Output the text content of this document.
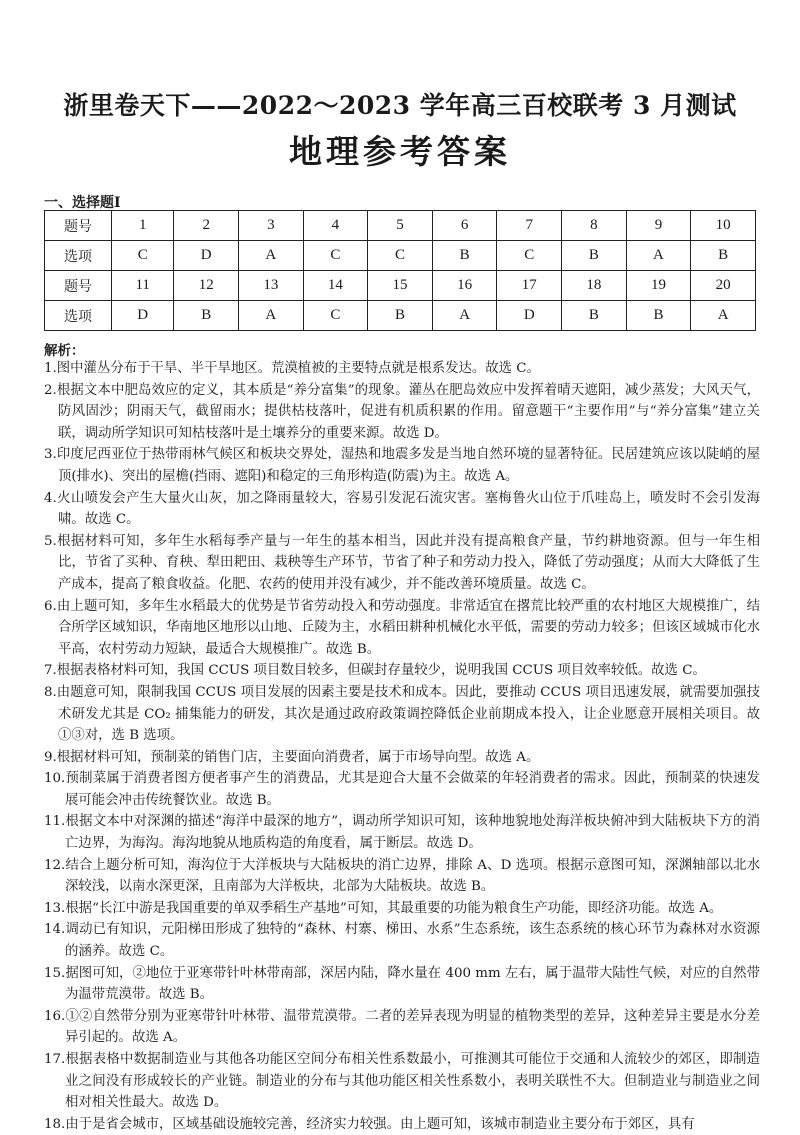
浙里卷天下——2022～2023 学年高三百校联考 3 月测试
地理参考答案
一、选择题Ⅰ
题号	1	2	3	4	5	6	7	8	9	10
选项	C	D	A	C	C	B	C	B	A	B
题号	11	12	13	14	15	16	17	18	19	20
选项	D	B	A	C	B	A	D	B	B	A
解析：
1.图中灌丛分布于干旱、半干旱地区。荒漠植被的主要特点就是根系发达。故选 C。
2.根据文本中肥岛效应的定义，其本质是“养分富集”的现象。灌丛在肥岛效应中发挥着晴天遮阳，减少蒸发；大风天气，防风固沙；阴雨天气，截留雨水；提供枯枝落叶，促进有机质积累的作用。留意题干“主要作用”与“养分富集”建立关联，调动所学知识可知枯枝落叶是土壤养分的重要来源。故选 D。
3.印度尼西亚位于热带雨林气候区和板块交界处，湿热和地震多发是当地自然环境的显著特征。民居建筑应该以陡峭的屋顶(排水)、突出的屋檐(挡雨、遮阳)和稳定的三角形构造(防震)为主。故选 A。
4.火山喷发会产生大量火山灰，加之降雨量较大，容易引发泥石流灾害。塞梅鲁火山位于爪哇岛上，喷发时不会引发海啸。故选 C。
5.根据材料可知，多年生水稻每季产量与一年生的基本相当，因此并没有提高粮食产量，节约耕地资源。但与一年生相比，节省了买种、育秧、犁田耙田、栽秧等生产环节，节省了种子和劳动力投入，降低了劳动强度；从而大大降低了生产成本，提高了粮食收益。化肥、农药的使用并没有减少，并不能改善环境质量。故选 C。
6.由上题可知，多年生水稻最大的优势是节省劳动投入和劳动强度。非常适宜在撂荒比较严重的农村地区大规模推广，结合所学区域知识，华南地区地形以山地、丘陵为主，水稻田耕种机械化水平低，需要的劳动力较多；但该区域城市化水平高，农村劳动力短缺，最适合大规模推广。故选 B。
7.根据表格材料可知，我国 CCUS 项目数目较多，但碳封存量较少，说明我国 CCUS 项目效率较低。故选 C。
8.由题意可知，限制我国 CCUS 项目发展的因素主要是技术和成本。因此，要推动 CCUS 项目迅速发展，就需要加强技术研发尤其是 CO₂ 捕集能力的研发，其次是通过政府政策调控降低企业前期成本投入，让企业愿意开展相关项目。故①③对，选 B 选项。
9.根据材料可知，预制菜的销售门店，主要面向消费者，属于市场导向型。故选 A。
10.预制菜属于消费者图方便者事产生的消费品，尤其是迎合大量不会做菜的年轻消费者的需求。因此，预制菜的快速发展可能会冲击传统餐饮业。故选 B。
11.根据文本中对深渊的描述“海洋中最深的地方”，调动所学知识可知，该种地貌地处海洋板块俯冲到大陆板块下方的消亡边界，为海沟。海沟地貌从地质构造的角度看，属于断层。故选 D。
12.结合上题分析可知，海沟位于大洋板块与大陆板块的消亡边界，排除 A、D 选项。根据示意图可知，深渊轴部以北水深较浅，以南水深更深，且南部为大洋板块，北部为大陆板块。故选 B。
13.根据“长江中游是我国重要的单双季稻生产基地”可知，其最重要的功能为粮食生产功能，即经济功能。故选 A。
14.调动已有知识，元阳梯田形成了独特的“森林、村寨、梯田、水系”生态系统，该生态系统的核心环节为森林对水资源的涵养。故选 C。
15.据图可知，②地位于亚寒带针叶林带南部，深居内陆，降水量在 400 mm 左右，属于温带大陆性气候，对应的自然带为温带荒漠带。故选 B。
16.①②自然带分别为亚寒带针叶林带、温带荒漠带。二者的差异表现为明显的植物类型的差异，这种差异主要是水分差异引起的。故选 A。
17.根据表格中数据制造业与其他各功能区空间分布相关性系数最小，可推测其可能位于交通和人流较少的郊区，即制造业之间没有形成较长的产业链。制造业的分布与其他功能区相关性系数小，表明关联性不大。但制造业与制造业之间相对相关性最大。故选 D。
18.由于是省会城市，区域基础设施较完善，经济实力较强。由上题可知，该城市制造业主要分布于郊区，具有
